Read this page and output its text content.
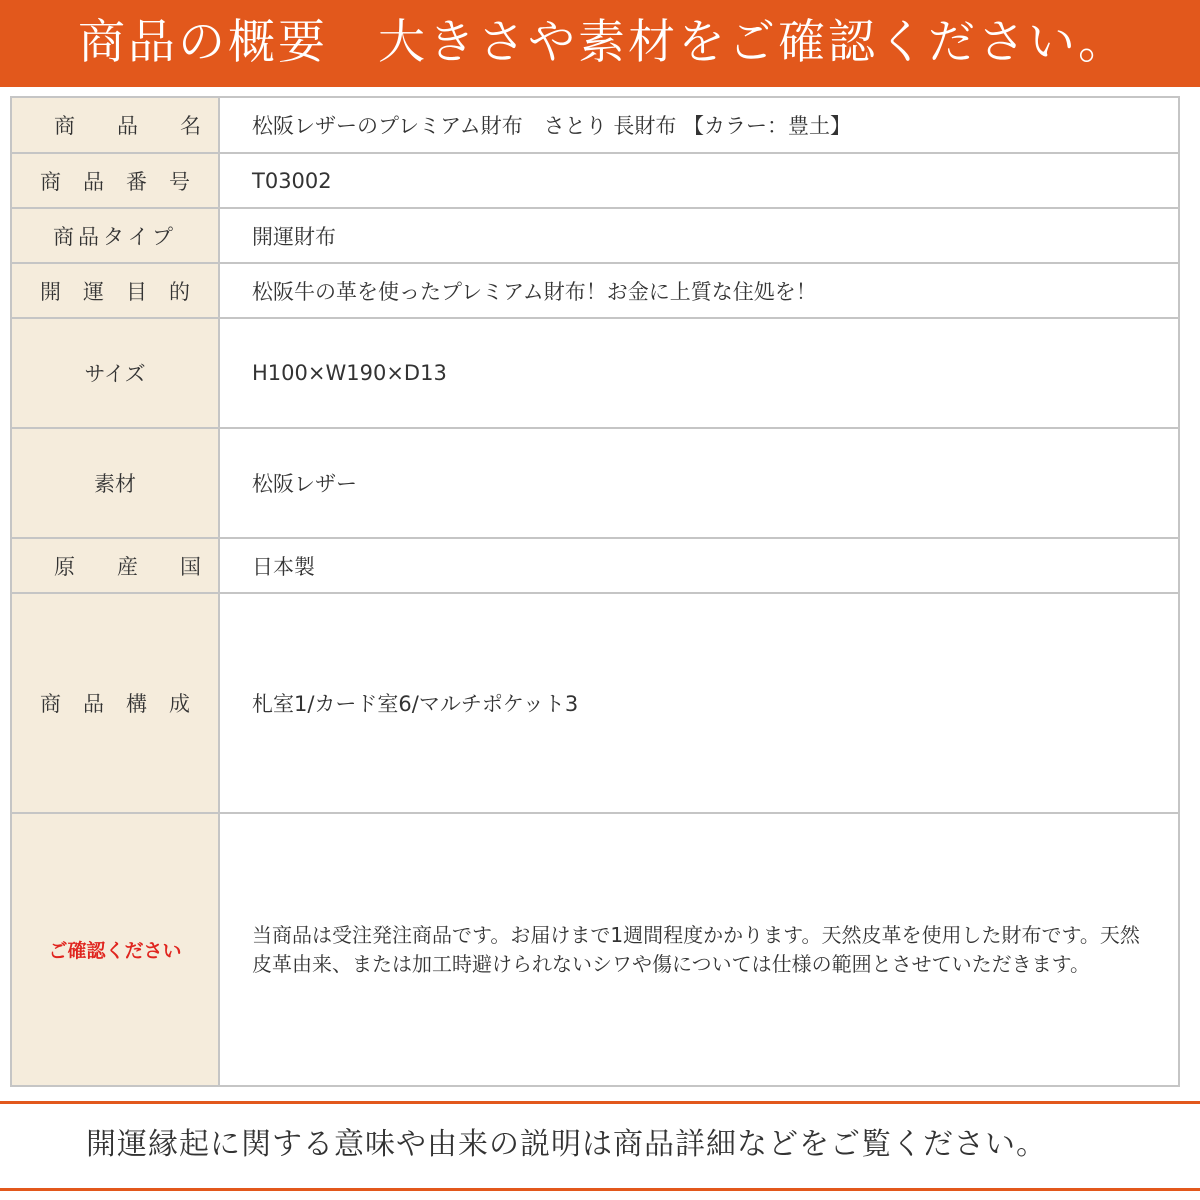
商品の概要　大きさや素材をご確認ください。
商品名	松阪レザーのプレミアム財布　さとり 長財布 【カラー：豊土】
商品番号	T03002
商品タイプ	開運財布
開運目的	松阪牛の革を使ったプレミアム財布！お金に上質な住処を！
サイズ	H100×W190×D13
素材	松阪レザー
原産国	日本製
商品構成	札室1/カード室6/マルチポケット3
ご確認ください	当商品は受注発注商品です。お届けまで1週間程度かかります。天然皮革を使用した財布です。天然皮革由来、または加工時避けられないシワや傷については仕様の範囲とさせていただきます。
開運縁起に関する意味や由来の説明は商品詳細などをご覧ください。
